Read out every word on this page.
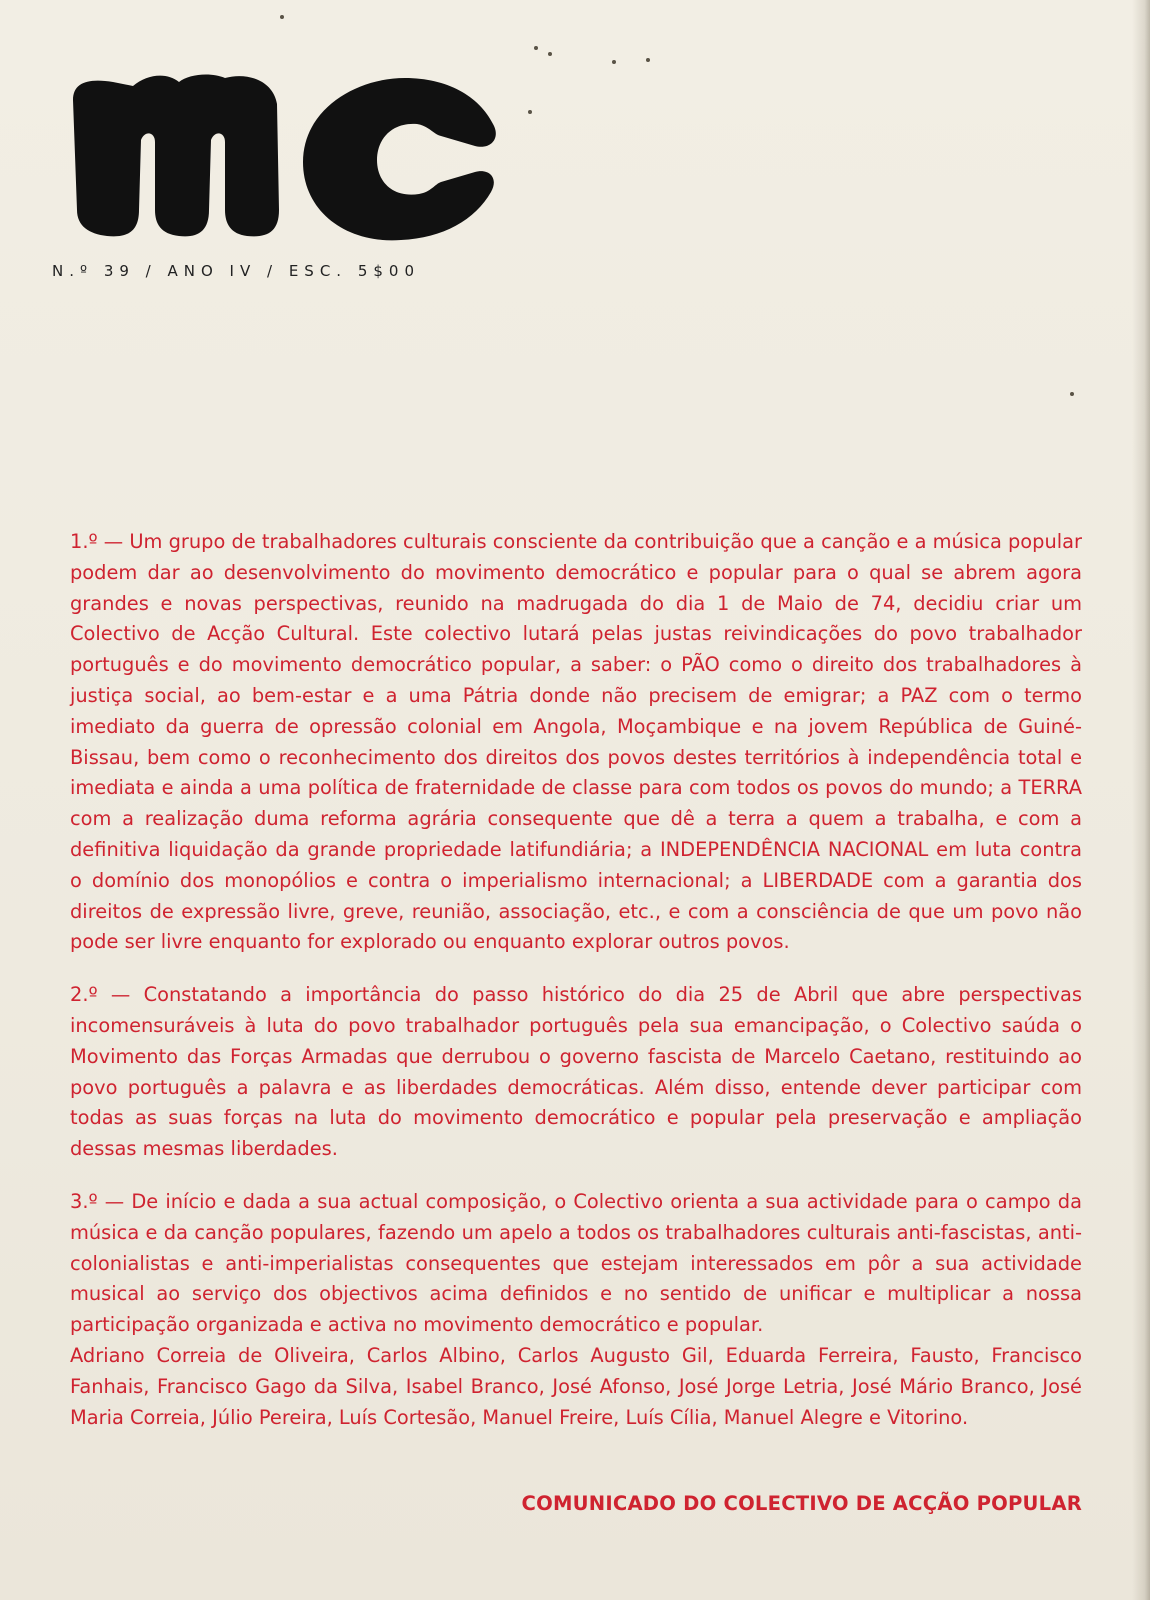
N.º 39 / ANO IV / ESC. 5$00

1.º — Um grupo de trabalhadores culturais consciente da contribuição que a canção e a música popular podem dar ao desenvolvimento do movimento democrático e popular para o qual se abrem agora grandes e novas perspectivas, reunido na madrugada do dia 1 de Maio de 74, decidiu criar um Colectivo de Acção Cultural. Este colectivo lutará pelas justas reivindicações do povo trabalhador português e do movimento democrático popular, a saber: o PÃO como o direito dos trabalhadores à justiça social, ao bem-estar e a uma Pátria donde não precisem de emigrar; a PAZ com o termo imediato da guerra de opressão colonial em Angola, Moçambique e na jovem República de Guiné-Bissau, bem como o reconhecimento dos direitos dos povos destes territórios à independência total e imediata e ainda a uma política de fraternidade de classe para com todos os povos do mundo; a TERRA com a realização duma reforma agrária consequente que dê a terra a quem a trabalha, e com a definitiva liquidação da grande propriedade latifundiária; a INDEPENDÊNCIA NACIONAL em luta contra o domínio dos monopólios e contra o imperialismo internacional; a LIBERDADE com a garantia dos direitos de expressão livre, greve, reunião, associação, etc., e com a consciência de que um povo não pode ser livre enquanto for explorado ou enquanto explorar outros povos.

2.º — Constatando a importância do passo histórico do dia 25 de Abril que abre perspectivas incomensuráveis à luta do povo trabalhador português pela sua emancipação, o Colectivo saúda o Movimento das Forças Armadas que derrubou o governo fascista de Marcelo Caetano, restituindo ao povo português a palavra e as liberdades democráticas. Além disso, entende dever participar com todas as suas forças na luta do movimento democrático e popular pela preservação e ampliação dessas mesmas liberdades.

3.º — De início e dada a sua actual composição, o Colectivo orienta a sua actividade para o campo da música e da canção populares, fazendo um apelo a todos os trabalhadores culturais anti-fascistas, anti-colonialistas e anti-imperialistas consequentes que estejam interessados em pôr a sua actividade musical ao serviço dos objectivos acima definidos e no sentido de unificar e multiplicar a nossa participação organizada e activa no movimento democrático e popular.

Adriano Correia de Oliveira, Carlos Albino, Carlos Augusto Gil, Eduarda Ferreira, Fausto, Francisco Fanhais, Francisco Gago da Silva, Isabel Branco, José Afonso, José Jorge Letria, José Mário Branco, José Maria Correia, Júlio Pereira, Luís Cortesão, Manuel Freire, Luís Cília, Manuel Alegre e Vitorino.

COMUNICADO DO COLECTIVO DE ACÇÃO POPULAR
